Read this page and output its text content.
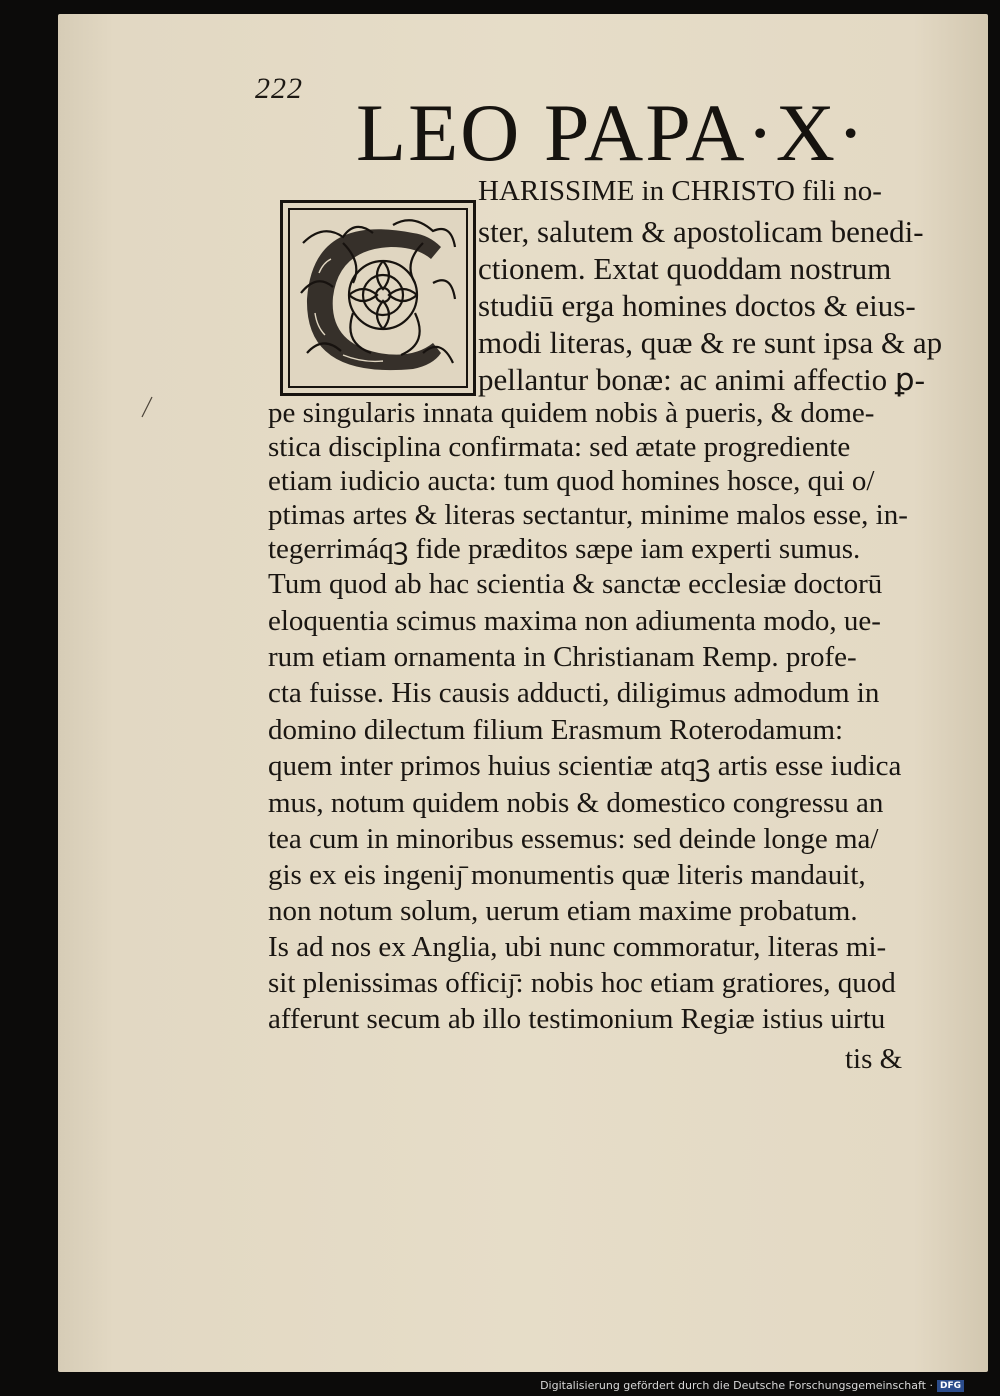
222 LEO PAPA·X·
HARISSIME in CHRISTO fili no-
ster, salutem & apostolicam benedi-
ctionem. Extat quoddam nostrum
studiū erga homines doctos & eius-
modi literas, quæ & re sunt ipsa & ap
pellantur bonæ: ac animi affectio ꝑ-
pe singularis innata quidem nobis à pueris, & dome-
stica disciplina confirmata: sed ætate progrediente
etiam iudicio aucta: tum quod homines hosce, qui o/
ptimas artes & literas sectantur, minime malos esse, in-
tegerrimáqꝫ fide præditos sæpe iam experti sumus.
Tum quod ab hac scientia & sanctæ ecclesiæ doctorū
eloquentia scimus maxima non adiumenta modo, ue-
rum etiam ornamenta in Christianam Remp. profe-
cta fuisse. His causis adducti, diligimus admodum in
domino dilectum filium Erasmum Roterodamum:
quem inter primos huius scientiæ atqꝫ artis esse iudica
mus, notum quidem nobis & domestico congressu an
tea cum in minoribus essemus: sed deinde longe ma/
gis ex eis ingeniȷ̄ monumentis quæ literis mandauit,
non notum solum, uerum etiam maxime probatum.
Is ad nos ex Anglia, ubi nunc commoratur, literas mi-
sit plenissimas officiȷ̄: nobis hoc etiam gratiores, quod
afferunt secum ab illo testimonium Regiæ istius uirtu
tis &
Digitalisierung gefördert durch die Deutsche Forschungsgemeinschaft · DFG
